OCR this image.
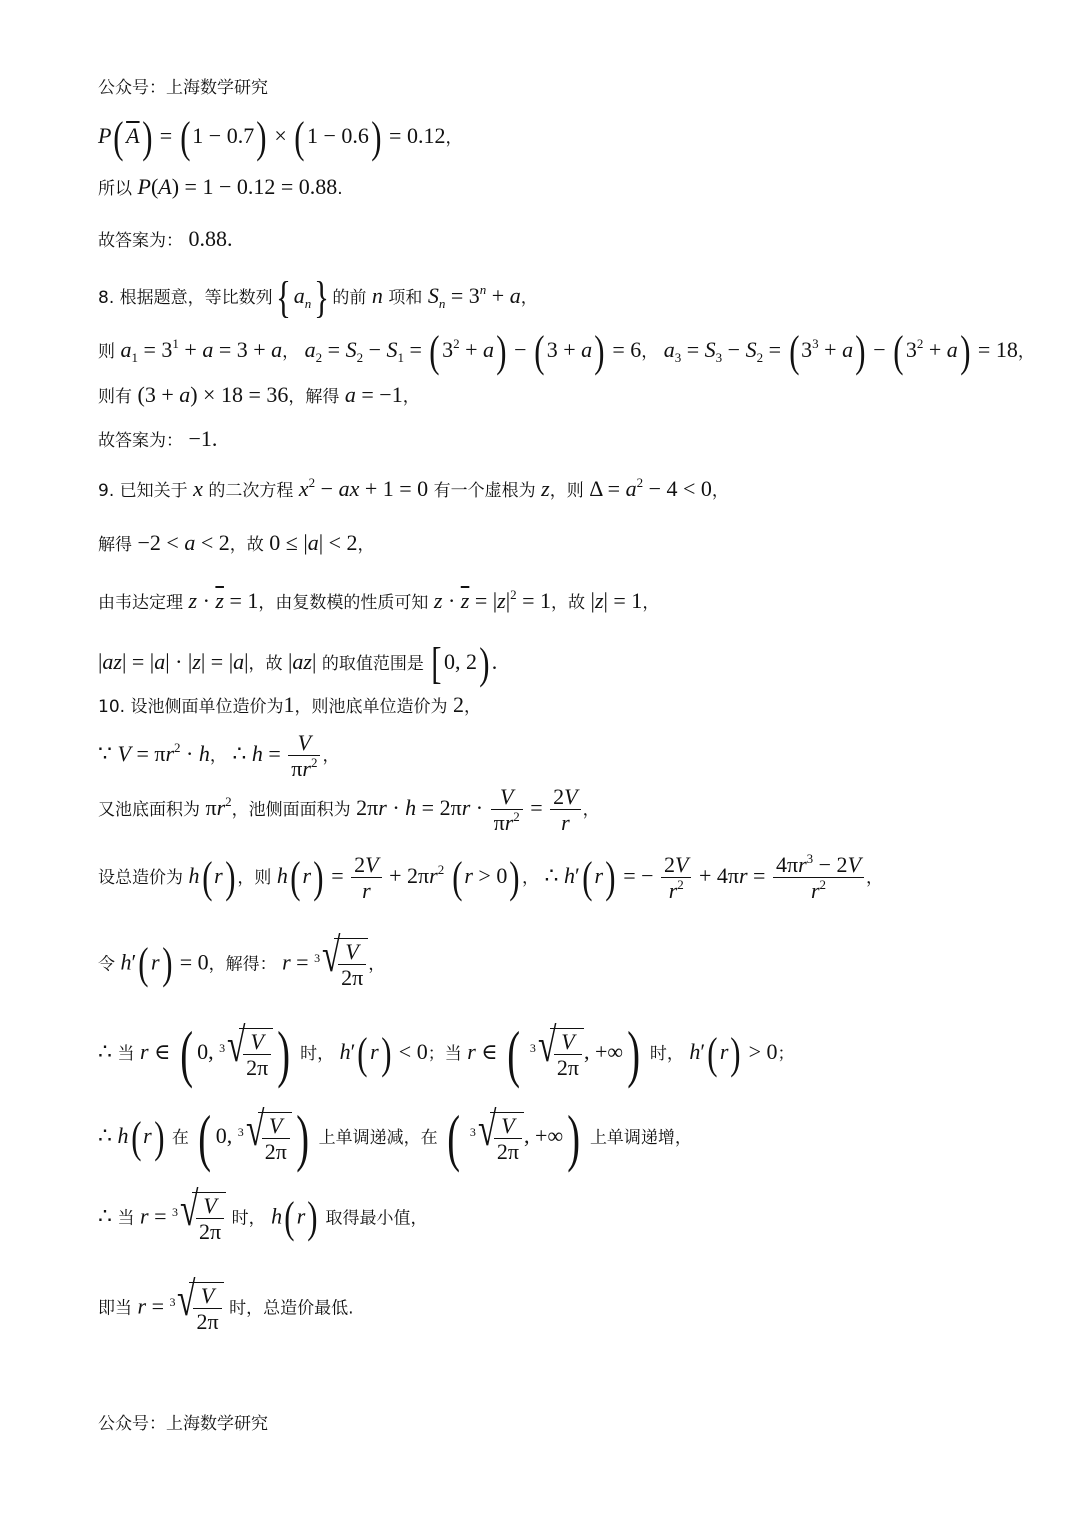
公众号：上海数学研究
$P(\overline{A}) = (1 - 0.7) \times (1 - 0.6) = 0.12$，
所以 P(A) = 1 − 0.12 = 0.88.
故答案为： 0.88.
8. 根据题意，等比数列{ $a_n$} 的前 n 项和 $S_n = 3^n + a$，
则 $a_1 = 3^1 + a = 3 + a$， $a_2 = S_2 - S_1 = (3^2 + a) - (3 + a) = 6$， $a_3 = S_3 - S_2 = (3^3 + a) - (3^2 + a) = 18$，
则有 (3 + a) × 18 = 36，解得 a = −1，
故答案为： −1.
9. 已知关于 x 的二次方程 $x^2$ − ax + 1 = 0 有一个虚根为 z，则 $\Delta = a^2 - 4 < 0$，
解得 −2 < a < 2，故 0 ≤ |a| < 2，
由韦达定理 $z \cdot \overline{z} = 1$，由复数模的性质可知 $z \cdot \overline{z} = |z|^2 = 1$，故 |z| = 1，
|az| = |a| · |z| = |a|，故 |az| 的取值范围是 [0, 2).
10. 设池侧面单位造价为1，则池底单位造价为 2，
∵ $V = \pi r^2 \cdot h$， ∴ $h = \frac{V}{\pi r^2}$ ，
又池底面积为 $\pi r^2$，池侧面面积为 $2\pi r \cdot h = 2\pi r \cdot \frac{V}{\pi r^2} = \frac{2V}{r}$ ，
设总造价为 h(r) ，则 $h(r) = \frac{2V}{r} + 2\pi r^2$ (r > 0) ， ∴ h′(r) = − $\frac{2V}{r^2} + 4\pi r = \frac{4\pi r^3 - 2V}{r^2}$ ，
令 h′(r) = 0，解得： r = 3 √
$\frac{V}{2\pi}$ ，
∴ 当 r ∈ ( 0, 3 √
$\frac{V}{2\pi}$ ) 时， h′(r) < 0；当 r ∈ ( 3 √
$\frac{V}{2\pi}$ , +∞) 时， h′(r) > 0；
∴ h(r) 在 ( 0, 3 √
$\frac{V}{2\pi}$ ) 上单调递减，在 ( 3 √
$\frac{V}{2\pi}$ , +∞) 上单调递增，
∴ 当 r = 3 √
$\frac{V}{2\pi}$ 时， h(r) 取得最小值，
即当 r = 3 √
$\frac{V}{2\pi}$ 时，总造价最低.
公众号：上海数学研究
